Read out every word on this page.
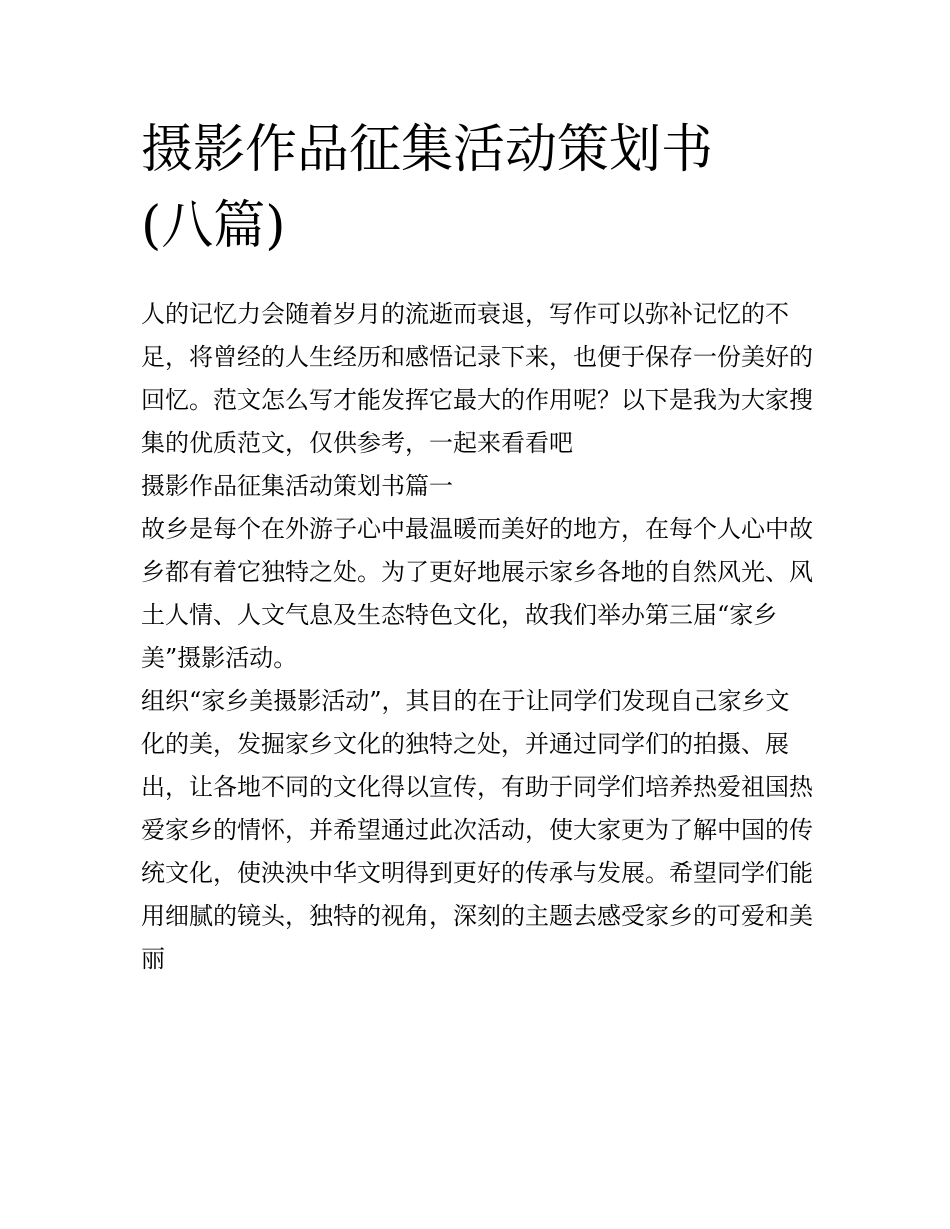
摄影作品征集活动策划书(八篇)

人的记忆力会随着岁月的流逝而衰退，写作可以弥补记忆的不足，将曾经的人生经历和感悟记录下来，也便于保存一份美好的回忆。范文怎么写才能发挥它最大的作用呢？以下是我为大家搜集的优质范文，仅供参考，一起来看看吧

摄影作品征集活动策划书篇一

故乡是每个在外游子心中最温暖而美好的地方，在每个人心中故乡都有着它独特之处。为了更好地展示家乡各地的自然风光、风土人情、人文气息及生态特色文化，故我们举办第三届“家乡美”摄影活动。

组织“家乡美摄影活动”，其目的在于让同学们发现自己家乡文化的美，发掘家乡文化的独特之处，并通过同学们的拍摄、展出，让各地不同的文化得以宣传，有助于同学们培养热爱祖国热爱家乡的情怀，并希望通过此次活动，使大家更为了解中国的传统文化，使泱泱中华文明得到更好的传承与发展。希望同学们能用细腻的镜头，独特的视角，深刻的主题去感受家乡的可爱和美丽
